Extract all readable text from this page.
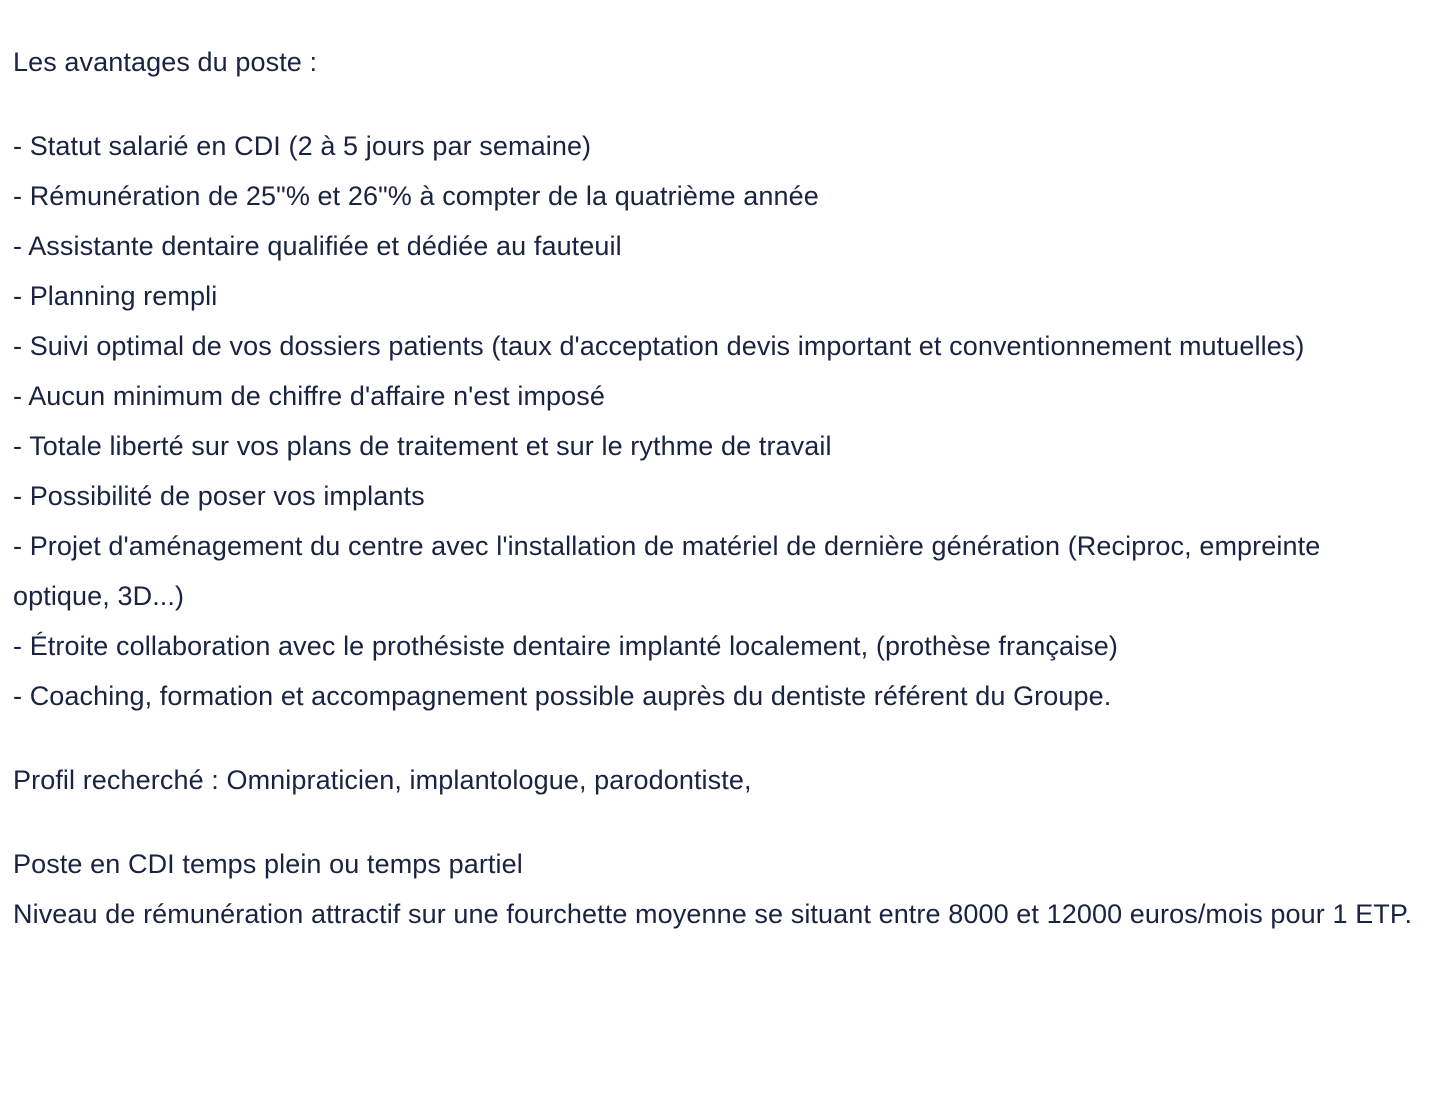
Les avantages du poste :

- Statut salarié en CDI (2 à 5 jours par semaine)
- Rémunération de 25"% et 26"% à compter de la quatrième année
- Assistante dentaire qualifiée et dédiée au fauteuil
- Planning rempli
- Suivi optimal de vos dossiers patients (taux d'acceptation devis important et conventionnement mutuelles)
- Aucun minimum de chiffre d'affaire n'est imposé
- Totale liberté sur vos plans de traitement et sur le rythme de travail
- Possibilité de poser vos implants
- Projet d'aménagement du centre avec l'installation de matériel de dernière génération (Reciproc, empreinte optique, 3D...)
- Étroite collaboration avec le prothésiste dentaire implanté localement, (prothèse française)
- Coaching, formation et accompagnement possible auprès du dentiste référent du Groupe.

Profil recherché : Omnipraticien, implantologue, parodontiste,

Poste en CDI temps plein ou temps partiel

Niveau de rémunération attractif sur une fourchette moyenne se situant entre 8000 et 12000 euros/mois pour 1 ETP.
